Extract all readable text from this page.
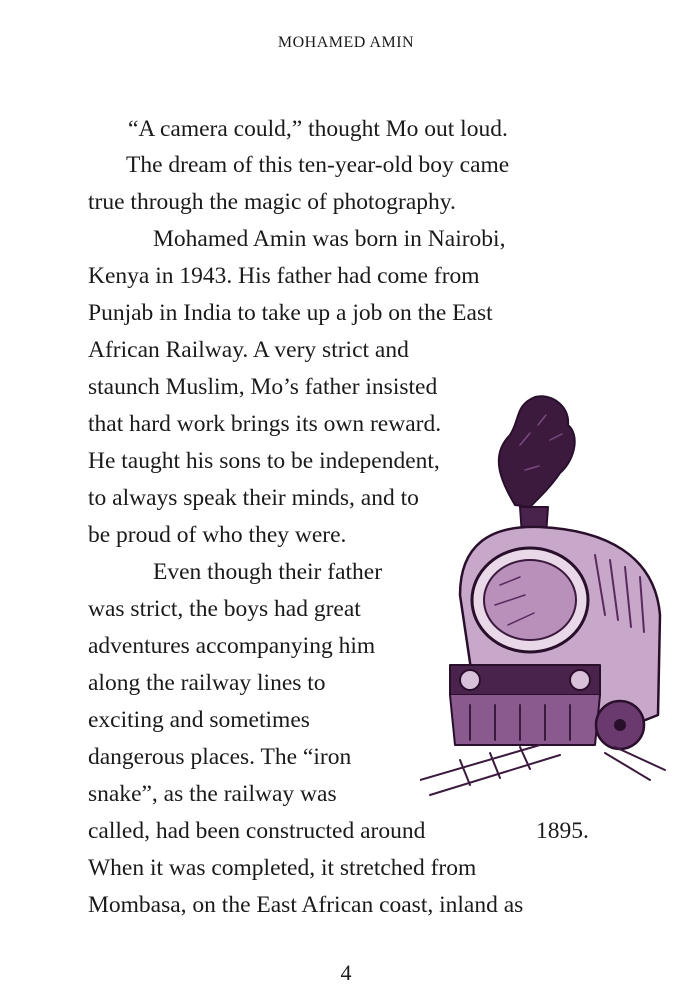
MOHAMED AMIN
“A camera could,” thought Mo out loud.
The dream of this ten-year-old boy came
true through the magic of photography.
Mohamed Amin was born in Nairobi,
Kenya in 1943. His father had come from
Punjab in India to take up a job on the East
African Railway. A very strict and
staunch Muslim, Mo’s father insisted
that hard work brings its own reward.
He taught his sons to be independent,
to always speak their minds, and to
be proud of who they were.
Even though their father
was strict, the boys had great
adventures accompanying him
along the railway lines to
exciting and sometimes
dangerous places. The “iron
snake”, as the railway was
called, had been constructed around	1895.
When it was completed, it stretched from
Mombasa, on the East African coast, inland as
4
